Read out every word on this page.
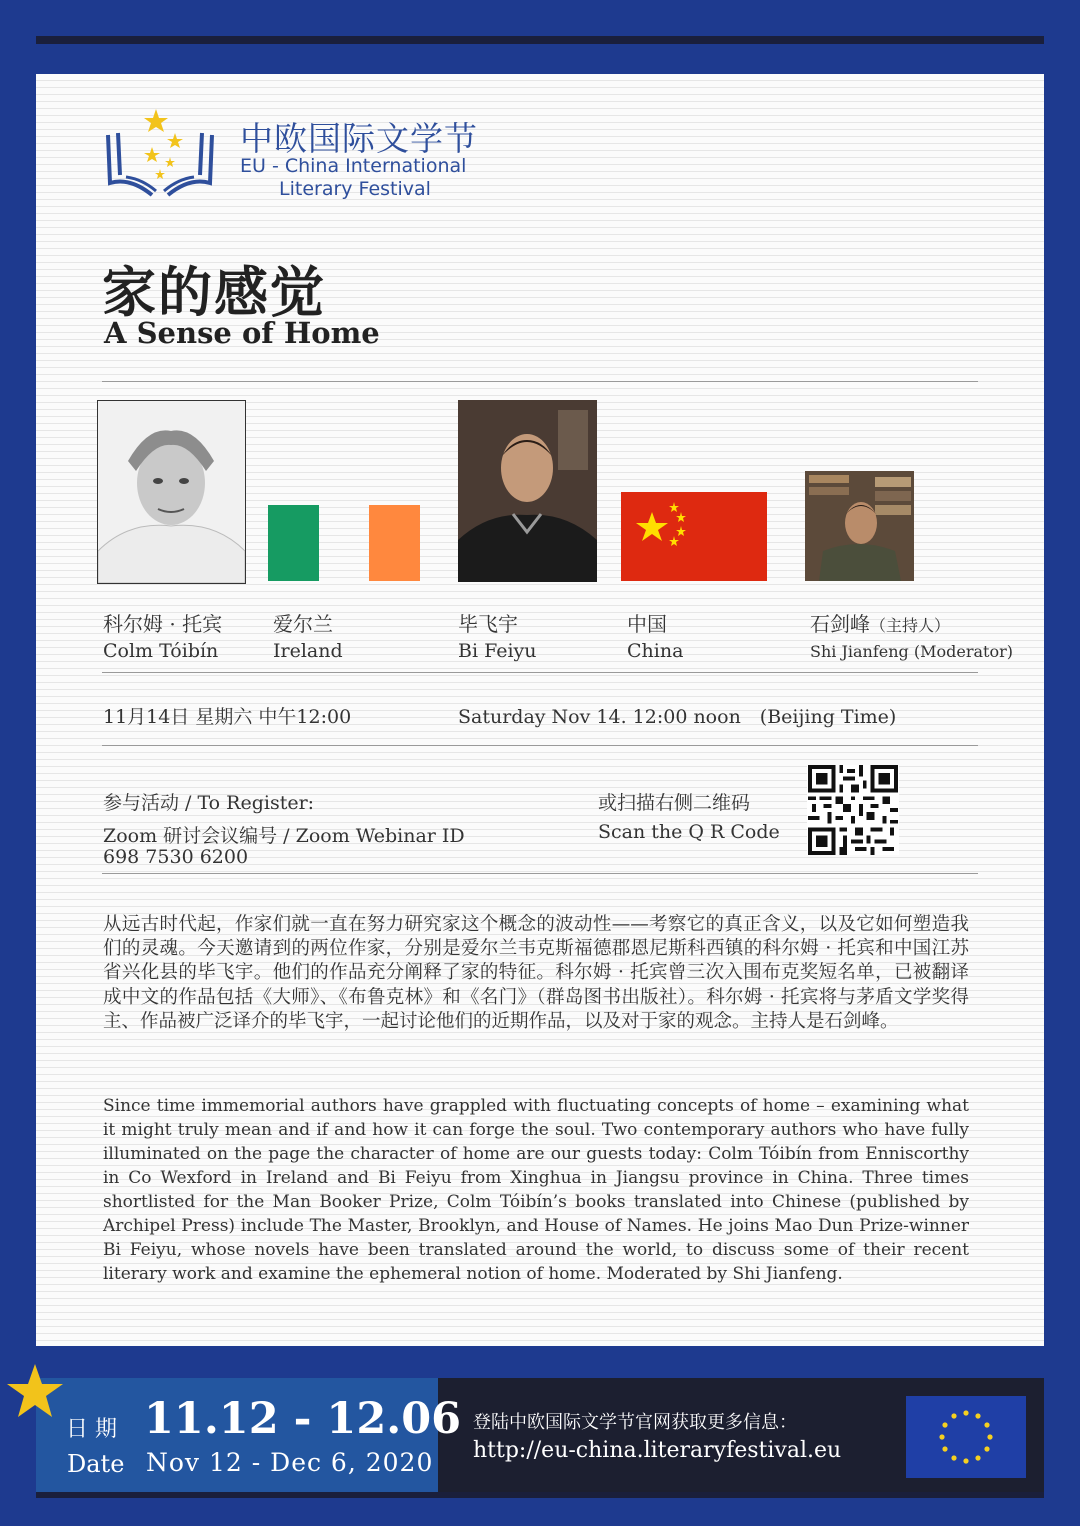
中欧国际文学节
EU - China International
Literary Festival
家的感觉
A Sense of Home
科尔姆 · 托宾
Colm Tóibín
爱尔兰
Ireland
毕飞宇
Bi Feiyu
中国
China
石剑峰（主持人）
Shi Jianfeng (Moderator)
11月14日 星期六 中午12:00	Saturday Nov 14. 12:00 noon　(Beijing Time)
参与活动 / To Register:
Zoom 研讨会议编号 / Zoom Webinar ID
698 7530 6200
或扫描右侧二维码
Scan the Q R Code
从远古时代起，作家们就一直在努力研究家这个概念的波动性——考察它的真正含义，以及它如何塑造我们的灵魂。今天邀请到的两位作家，分别是爱尔兰韦克斯福德郡恩尼斯科西镇的科尔姆 · 托宾和中国江苏省兴化县的毕飞宇。他们的作品充分阐释了家的特征。科尔姆 · 托宾曾三次入围布克奖短名单，已被翻译成中文的作品包括《大师》、《布鲁克林》和《名门》（群岛图书出版社）。科尔姆 · 托宾将与茅盾文学奖得主、作品被广泛译介的毕飞宇，一起讨论他们的近期作品，以及对于家的观念。主持人是石剑峰。
Since time immemorial authors have grappled with fluctuating concepts of home – examining what it might truly mean and if and how it can forge the soul. Two contemporary authors who have fully illuminated on the page the character of home are our guests today: Colm Tóibín from Enniscorthy in Co Wexford in Ireland and Bi Feiyu from Xinghua in Jiangsu province in China. Three times shortlisted for the Man Booker Prize, Colm Tóibín’s books translated into Chinese (published by Archipel Press) include The Master, Brooklyn, and House of Names. He joins Mao Dun Prize-winner Bi Feiyu, whose novels have been translated around the world, to discuss some of their recent literary work and examine the ephemeral notion of home. Moderated by Shi Jianfeng.
日 期
Date
11.12 - 12.06
Nov 12 - Dec 6, 2020
登陆中欧国际文学节官网获取更多信息：
http://eu-china.literaryfestival.eu
